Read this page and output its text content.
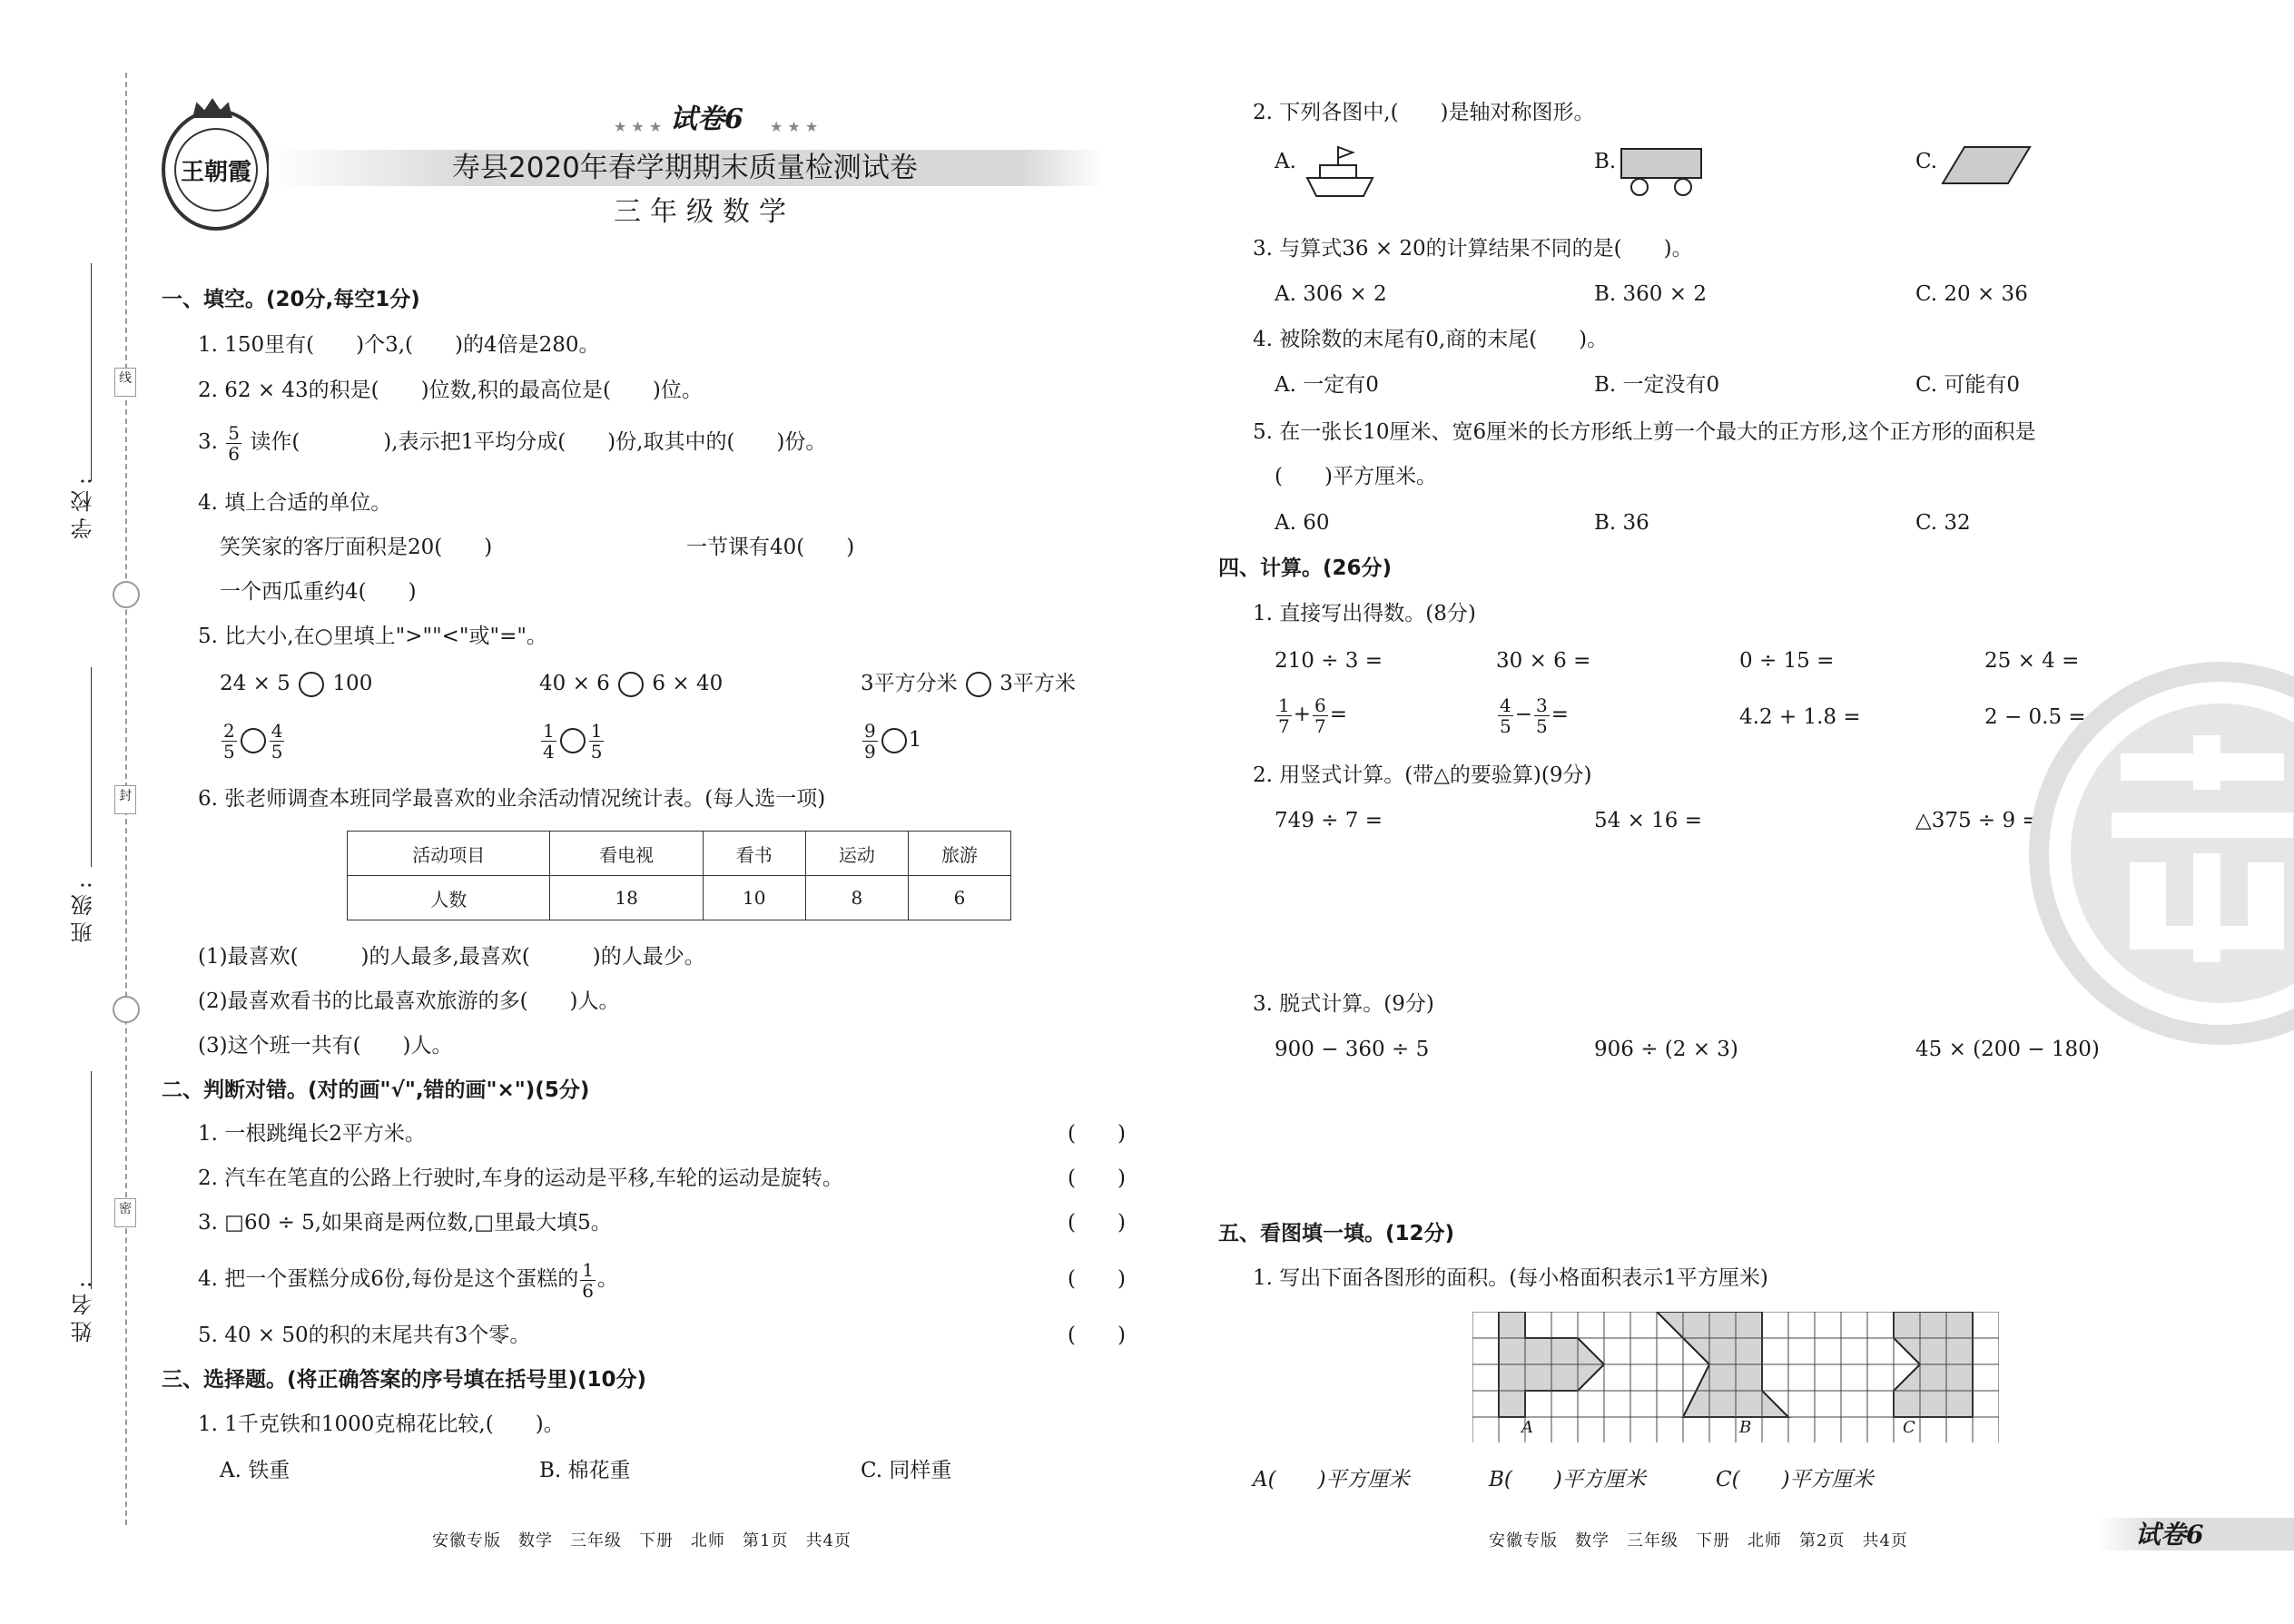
线
封
密
学校:
班级:
姓名:
王朝霞
★ ★ ★ 试卷6 ★ ★ ★
寿县2020年春学期期末质量检测试卷
三年级数学
一、填空。(20分,每空1分)
1. 150里有(　　)个3,(　　)的4倍是280。
2. 62 × 43的积是(　　)位数,积的最高位是(　　)位。
3. $\frac{5}{6}$ 读作(　　　　),表示把1平均分成(　　)份,取其中的(　　)份。
4. 填上合适的单位。
笑笑家的客厅面积是20(　　)	一节课有40(　　)
一个西瓜重约4(　　)
5. 比大小,在○里填上">""<"或"="。
24 × 5 100	40 × 6 6 × 40	3平方分米 3平方米
$\frac{2}{5} \frac{4}{5}$	$\frac{1}{4} \frac{1}{5}$	$\frac{9}{9} 1$
6. 张老师调查本班同学最喜欢的业余活动情况统计表。(每人选一项)
活动项目	看电视	看书	运动	旅游
人数	18	10	8	6
(1)最喜欢(　　　)的人最多,最喜欢(　　　)的人最少。
(2)最喜欢看书的比最喜欢旅游的多(　　)人。
(3)这个班一共有(　　)人。
二、判断对错。(对的画"√",错的画"×")(5分)
1. 一根跳绳长2平方米。	(　　)
2. 汽车在笔直的公路上行驶时,车身的运动是平移,车轮的运动是旋转。	(　　)
3. □60 ÷ 5,如果商是两位数,□里最大填5。	(　　)
4. 把一个蛋糕分成6份,每份是这个蛋糕的 $\frac{1}{6}$ 。	(　　)
5. 40 × 50的积的末尾共有3个零。	(　　)
三、选择题。(将正确答案的序号填在括号里)(10分)
1. 1千克铁和1000克棉花比较,(　　)。
A. 铁重	B. 棉花重	C. 同样重
安徽专版　数学　三年级　下册　北师　第1页　共4页
2. 下列各图中,(　　)是轴对称图形。
A.	B.	C.
3. 与算式36 × 20的计算结果不同的是(　　)。
A. 306 × 2	B. 360 × 2	C. 20 × 36
4. 被除数的末尾有0,商的末尾(　　)。
A. 一定有0	B. 一定没有0	C. 可能有0
5. 在一张长10厘米、宽6厘米的长方形纸上剪一个最大的正方形,这个正方形的面积是
(　　)平方厘米。
A. 60	B. 36	C. 32
四、计算。(26分)
1. 直接写出得数。(8分)
210 ÷ 3 =	30 × 6 =	0 ÷ 15 =	25 × 4 =
$\frac{1}{7} + \frac{6}{7}$ =	$\frac{4}{5} - \frac{3}{5}$ =	4.2 + 1.8 =	2 − 0.5 =
2. 用竖式计算。(带△的要验算)(9分)
749 ÷ 7 =	54 × 16 =	△375 ÷ 9 =
3. 脱式计算。(9分)
900 − 360 ÷ 5	906 ÷ (2 × 3)	45 × (200 − 180)
五、看图填一填。(12分)
1. 写出下面各图形的面积。(每小格面积表示1平方厘米)
A	B	C
A(　　)平方厘米	B(　　)平方厘米	C(　　)平方厘米
安徽专版　数学　三年级　下册　北师　第2页　共4页	试卷6
